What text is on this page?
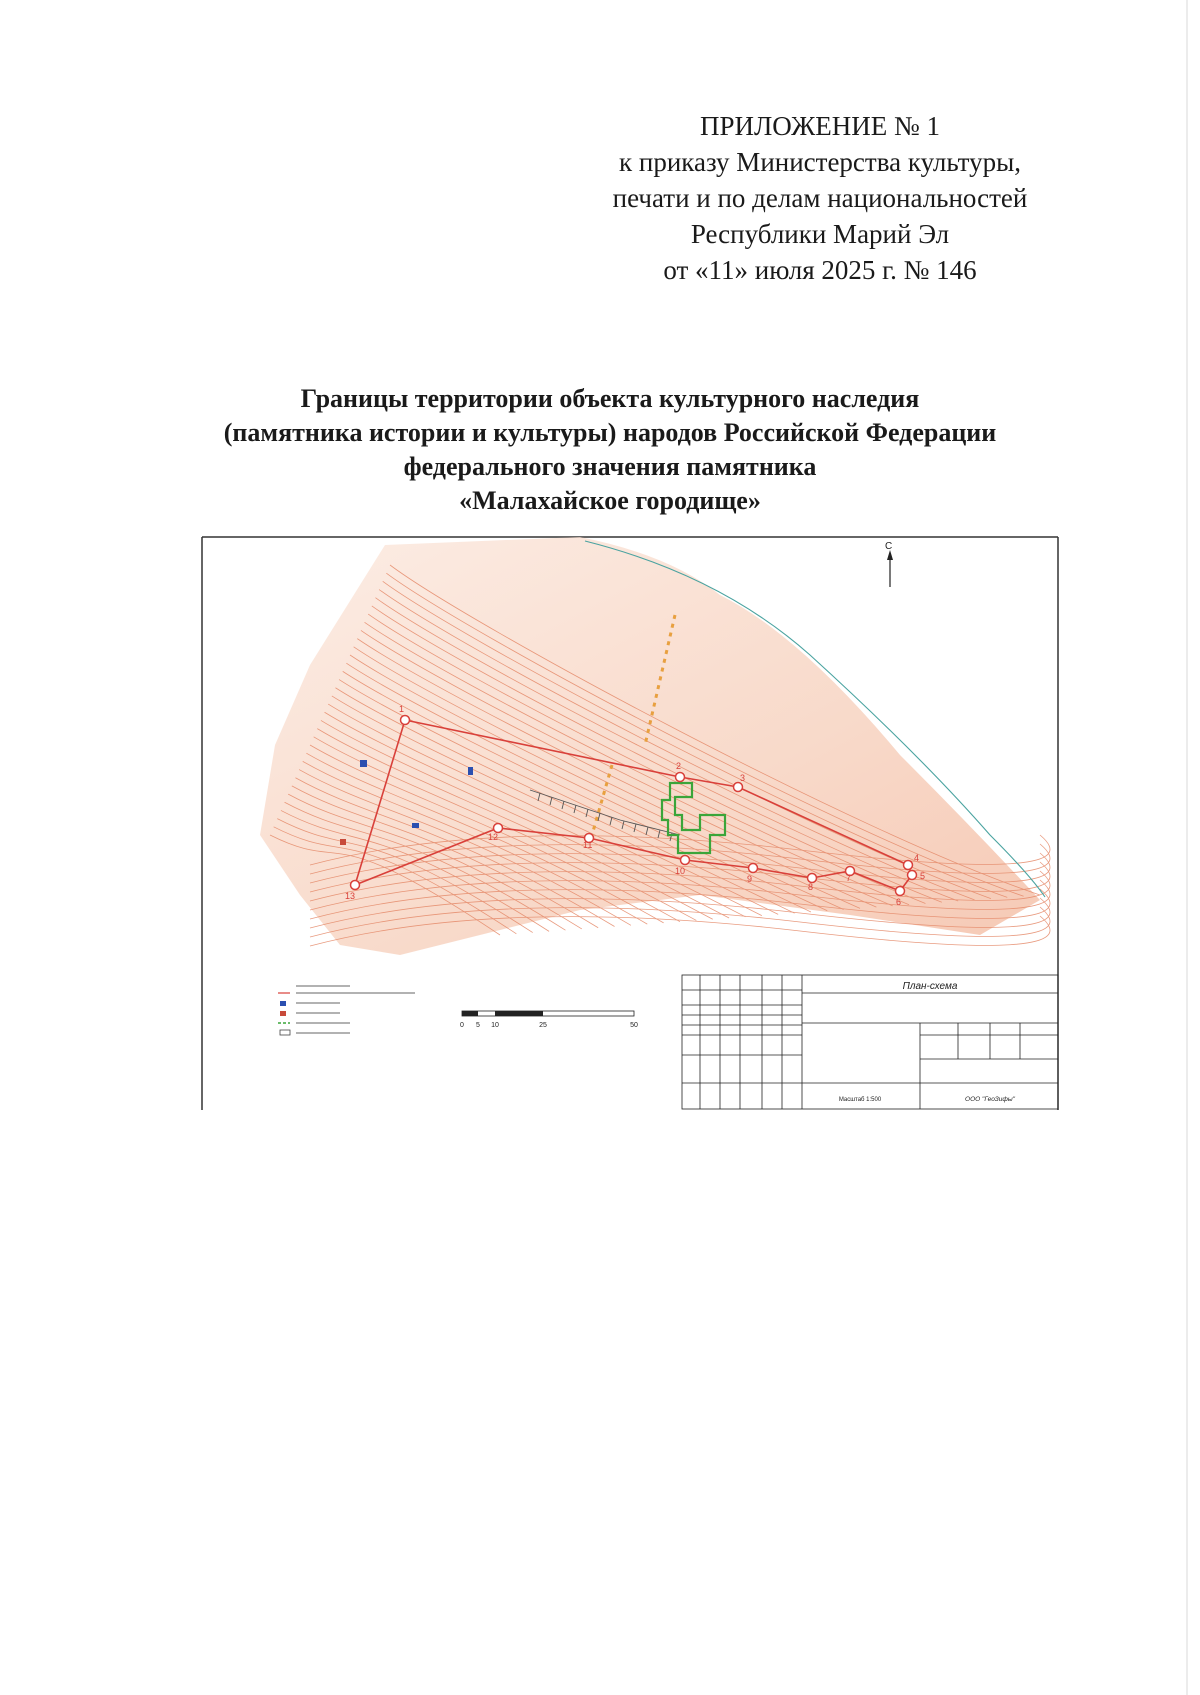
ПРИЛОЖЕНИЕ № 1
к приказу Министерства культуры,
печати и по делам национальностей
Республики Марий Эл
от «11» июля 2025 г. № 146
Границы территории объекта культурного наследия
(памятника истории и культуры) народов Российской Федерации
федерального значения памятника
«Малахайское городище»
1
2
3
4
5
6
7
8
9
10
11
12
13
С
0 5 10	25	50
План-схема
Масштаб 1:500	ООО "ГеоЗифы"
